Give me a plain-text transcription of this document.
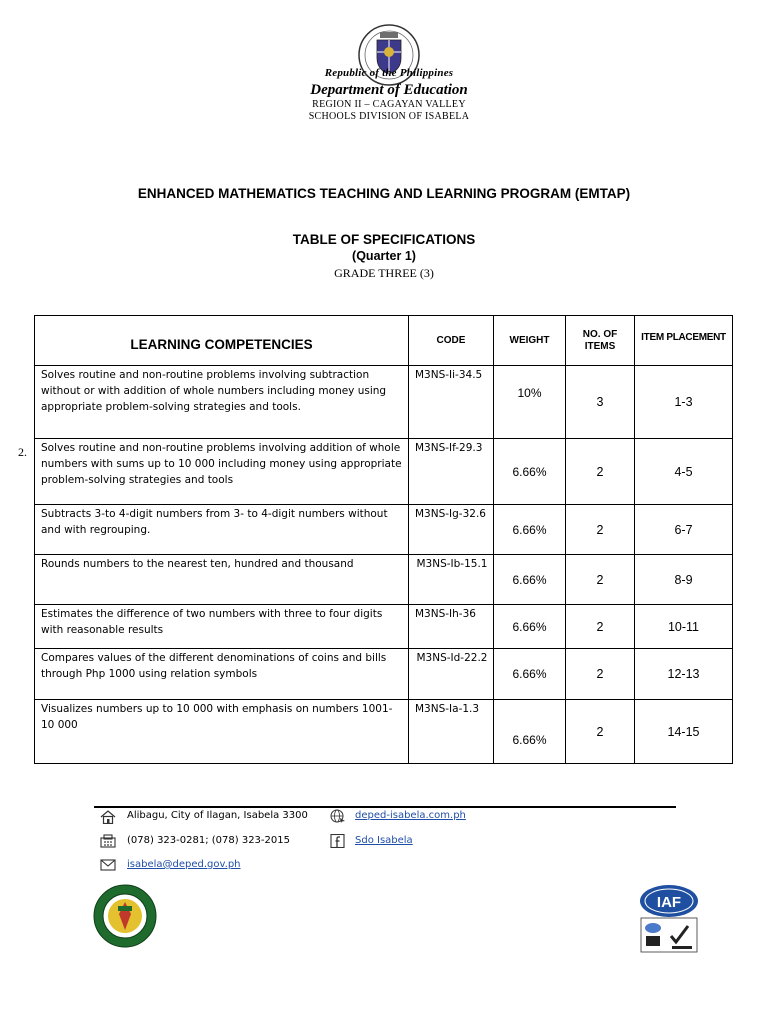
Republic of the Philippines
Department of Education
REGION II – CAGAYAN VALLEY
SCHOOLS DIVISION OF ISABELA
ENHANCED MATHEMATICS TEACHING AND LEARNING PROGRAM (EMTAP)
TABLE OF SPECIFICATIONS
(Quarter 1)
GRADE THREE (3)
2.
LEARNING COMPETENCIES	CODE	WEIGHT	NO. OF ITEMS	ITEM PLACEMENT
Solves routine and non-routine problems involving subtraction without or with addition of whole numbers including money using appropriate problem-solving strategies and tools.	M3NS-Ii-34.5	10%	3	1-3
Solves routine and non-routine problems involving addition of whole numbers with sums up to 10 000 including money using appropriate problem-solving strategies and tools	M3NS-If-29.3	6.66%	2	4-5
Subtracts 3-to 4-digit numbers from 3- to 4-digit numbers without and with regrouping.	M3NS-Ig-32.6	6.66%	2	6-7
Rounds numbers to the nearest ten, hundred and thousand	M3NS-Ib-15.1	6.66%	2	8-9
Estimates the difference of two numbers with three to four digits with reasonable results	M3NS-Ih-36	6.66%	2	10-11
Compares values of the different denominations of coins and bills through Php 1000 using relation symbols	M3NS-Id-22.2	6.66%	2	12-13
Visualizes numbers up to 10 000 with emphasis on numbers 1001-10 000	M3NS-Ia-1.3	6.66%	2	14-15
Alibagu, City of Ilagan, Isabela 3300	deped-isabela.com.ph
(078) 323-0281; (078) 323-2015	Sdo Isabela
isabela@deped.gov.ph
IAF
